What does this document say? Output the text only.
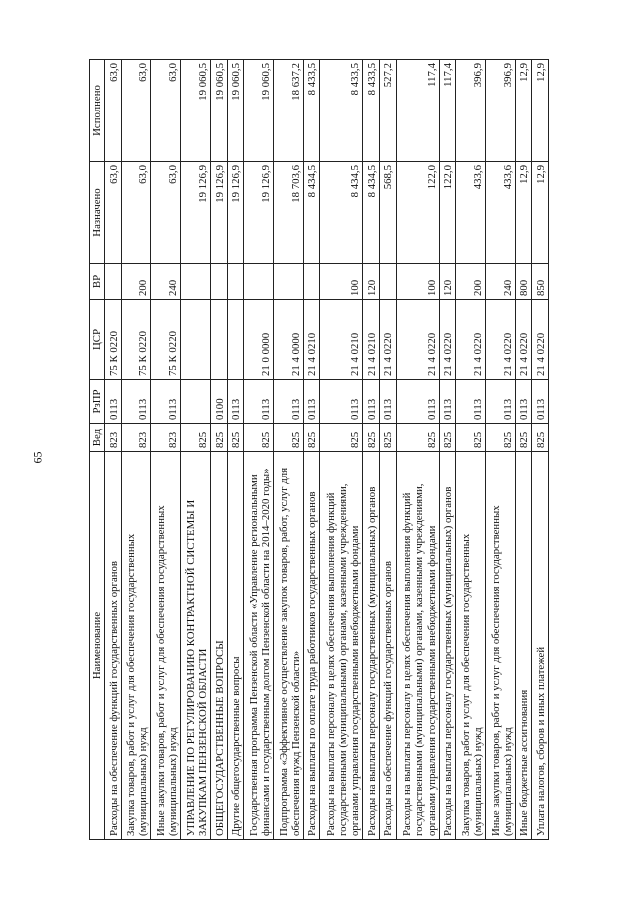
65
Наименование	Вед	РзПР	ЦСР	ВР	Назначено	Исполнено
Расходы на обеспечение функций государственных органов	823	0113	75 К 0220		63,0	63,0
Закупка товаров, работ и услуг для обеспечения государственных (муниципальных) нужд	823	0113	75 К 0220	200	63,0	63,0
Иные закупки товаров, работ и услуг для обеспечения государственных (муниципальных) нужд	823	0113	75 К 0220	240	63,0	63,0
УПРАВЛЕНИЕ ПО РЕГУЛИРОВАНИЮ КОНТРАКТНОЙ СИСТЕМЫ И ЗАКУПКАМ ПЕНЗЕНСКОЙ ОБЛАСТИ	825				19 126,9	19 060,5
ОБЩЕГОСУДАРСТВЕННЫЕ ВОПРОСЫ	825	0100			19 126,9	19 060,5
Другие общегосударственные вопросы	825	0113			19 126,9	19 060,5
Государственная программа Пензенской области «Управление региональными финансами и государственным долгом Пензенской области на 2014–2020 годы»	825	0113	21 0 0000		19 126,9	19 060,5
Подпрограмма «Эффективное осуществление закупок товаров, работ, услуг для обеспечения нужд Пензенской области»	825	0113	21 4 0000		18 703,6	18 637,2
Расходы на выплаты по оплате труда работников государственных органов	825	0113	21 4 0210		8 434,5	8 433,5
Расходы на выплаты персоналу в целях обеспечения выполнения функций государственными (муниципальными) органами, казенными учреждениями, органами управления государственными внебюджетными фондами	825	0113	21 4 0210	100	8 434,5	8 433,5
Расходы на выплаты персоналу государственных (муниципальных) органов	825	0113	21 4 0210	120	8 434,5	8 433,5
Расходы на обеспечение функций государственных органов	825	0113	21 4 0220		568,5	527,2
Расходы на выплаты персоналу в целях обеспечения выполнения функций государственными (муниципальными) органами, казенными учреждениями, органами управления государственными внебюджетными фондами	825	0113	21 4 0220	100	122,0	117,4
Расходы на выплаты персоналу государственных (муниципальных) органов	825	0113	21 4 0220	120	122,0	117,4
Закупка товаров, работ и услуг для обеспечения государственных (муниципальных) нужд	825	0113	21 4 0220	200	433,6	396,9
Иные закупки товаров, работ и услуг для обеспечения государственных (муниципальных) нужд	825	0113	21 4 0220	240	433,6	396,9
Иные бюджетные ассигнования	825	0113	21 4 0220	800	12,9	12,9
Уплата налогов, сборов и иных платежей	825	0113	21 4 0220	850	12,9	12,9
